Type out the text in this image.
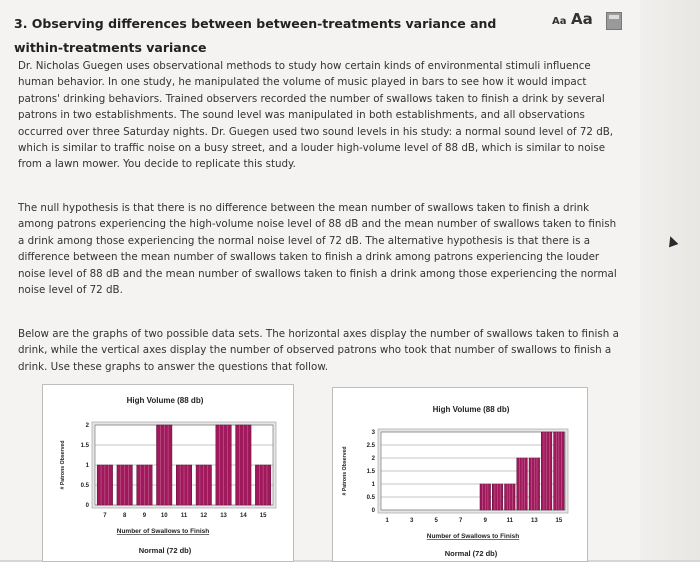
3. Observing differences between between-treatments variance and within-treatments variance
Aa Aa
Dr. Nicholas Guegen uses observational methods to study how certain kinds of environmental stimuli influence human behavior. In one study, he manipulated the volume of music played in bars to see how it would impact patrons' drinking behaviors. Trained observers recorded the number of swallows taken to finish a drink by several patrons in two establishments. The sound level was manipulated in both establishments, and all observations occurred over three Saturday nights. Dr. Guegen used two sound levels in his study: a normal sound level of 72 dB, which is similar to traffic noise on a busy street, and a louder high-volume level of 88 dB, which is similar to noise from a lawn mower. You decide to replicate this study.
The null hypothesis is that there is no difference between the mean number of swallows taken to finish a drink among patrons experiencing the high-volume noise level of 88 dB and the mean number of swallows taken to finish a drink among those experiencing the normal noise level of 72 dB. The alternative hypothesis is that there is a difference between the mean number of swallows taken to finish a drink among patrons experiencing the louder noise level of 88 dB and the mean number of swallows taken to finish a drink among those experiencing the normal noise level of 72 dB.
Below are the graphs of two possible data sets. The horizontal axes display the number of swallows taken to finish a drink, while the vertical axes display the number of observed patrons who took that number of swallows to finish a drink. Use these graphs to answer the questions that follow.
High Volume (88 db)
0
0.5
1
1.5
2
7	8	9 10 11 12 13 14 15
Number of Swallows to Finish
# Patrons Observed
Normal (72 db)
High Volume (88 db)
0
0.5
1
1.5
2
2.5
3
1	3	5	7	9	11	13	15
Number of Swallows to Finish
# Patrons Observed
Normal (72 db)
